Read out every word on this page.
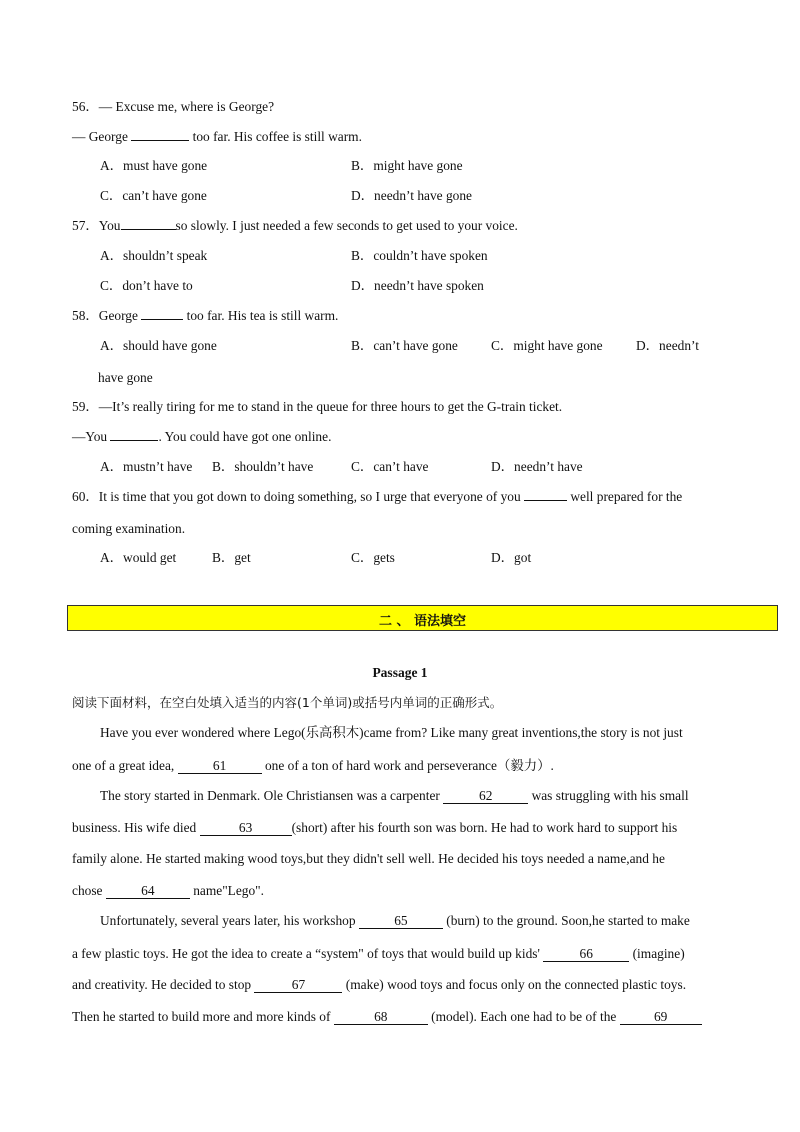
56．— Excuse me, where is George?
— George	too far. His coffee is still warm.
A．must have gone	B．might have gone
C．can’t have gone	D．needn’t have gone
57．You	so slowly. I just needed a few seconds to get used to your voice.
A．shouldn’t speak	B．couldn’t have spoken
C．don’t have to	D．needn’t have spoken
58．George	too far. His tea is still warm.
A．should have gone	B．can’t have gone C．might have gone D．needn’t
have gone
59．—It’s really tiring for me to stand in the queue for three hours to get the G-train ticket.
—You	. You could have got one online.
A．mustn’t have B．shouldn’t have	C．can’t have	D．needn’t have
60．It is time that you got down to doing something, so I urge that everyone of you	well prepared for the
coming examination.
A．would get	B．get	C．gets	D．got
二 、 语法填空
Passage 1
阅读下面材料，在空白处填入适当的内容(1个单词)或括号内单词的正确形式。
Have you ever wondered where Lego(乐高积木)came from? Like many great inventions,the story is not just
one of a great idea,	61	one of a ton of hard work and perseverance（毅力）.
The story started in Denmark. Ole Christiansen was a carpenter	62	was struggling with his small
business. His wife died	63	(short) after his fourth son was born. He had to work hard to support his
family alone. He started making wood toys,but they didn't sell well. He decided his toys needed a name,and he
chose	64	name"Lego".
Unfortunately, several years later, his workshop	65	(burn) to the ground. Soon,he started to make
a few plastic toys. He got the idea to create a “system" of toys that would build up kids'	66	(imagine)
and creativity. He decided to stop	67	(make) wood toys and focus only on the connected plastic toys.
Then he started to build more and more kinds of	68	(model). Each one had to be of the	69
